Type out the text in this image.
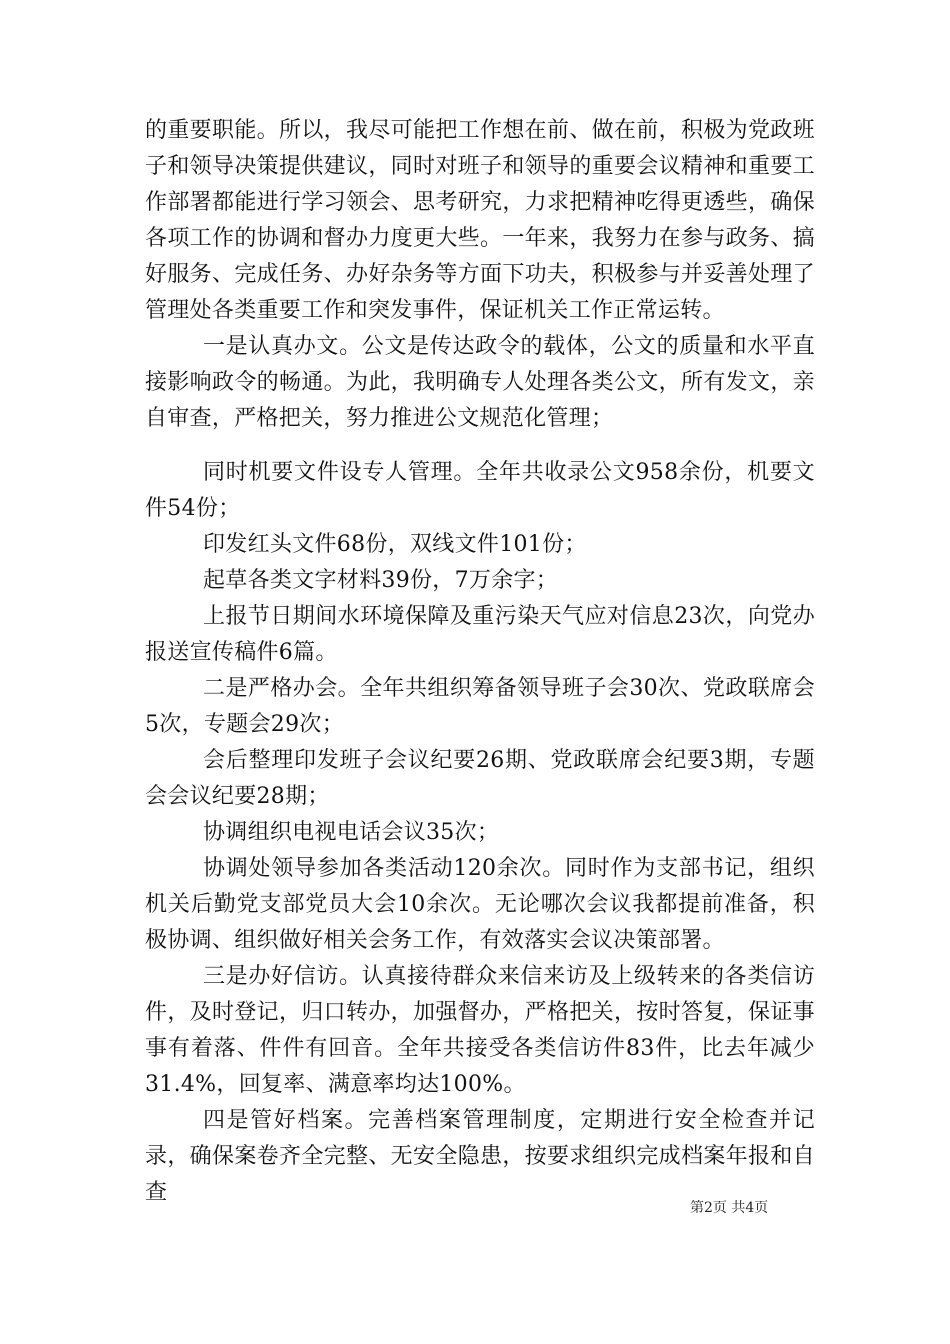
的重要职能。所以，我尽可能把工作想在前、做在前，积极为党政班子和领导决策提供建议，同时对班子和领导的重要会议精神和重要工作部署都能进行学习领会、思考研究，力求把精神吃得更透些，确保各项工作的协调和督办力度更大些。一年来，我努力在参与政务、搞好服务、完成任务、办好杂务等方面下功夫，积极参与并妥善处理了管理处各类重要工作和突发事件，保证机关工作正常运转。

一是认真办文。公文是传达政令的载体，公文的质量和水平直接影响政令的畅通。为此，我明确专人处理各类公文，所有发文，亲自审查，严格把关，努力推进公文规范化管理；

同时机要文件设专人管理。全年共收录公文958余份，机要文件54份；

印发红头文件68份，双线文件101份；

起草各类文字材料39份，7万余字；

上报节日期间水环境保障及重污染天气应对信息23次，向党办报送宣传稿件6篇。

二是严格办会。全年共组织筹备领导班子会30次、党政联席会5次，专题会29次；

会后整理印发班子会议纪要26期、党政联席会纪要3期，专题会会议纪要28期；

协调组织电视电话会议35次；

协调处领导参加各类活动120余次。同时作为支部书记，组织机关后勤党支部党员大会10余次。无论哪次会议我都提前准备，积极协调、组织做好相关会务工作，有效落实会议决策部署。

三是办好信访。认真接待群众来信来访及上级转来的各类信访件，及时登记，归口转办，加强督办，严格把关，按时答复，保证事事有着落、件件有回音。全年共接受各类信访件83件，比去年减少31.4%，回复率、满意率均达100%。

四是管好档案。完善档案管理制度，定期进行安全检查并记录，确保案卷齐全完整、无安全隐患，按要求组织完成档案年报和自查

第2页 共4页
